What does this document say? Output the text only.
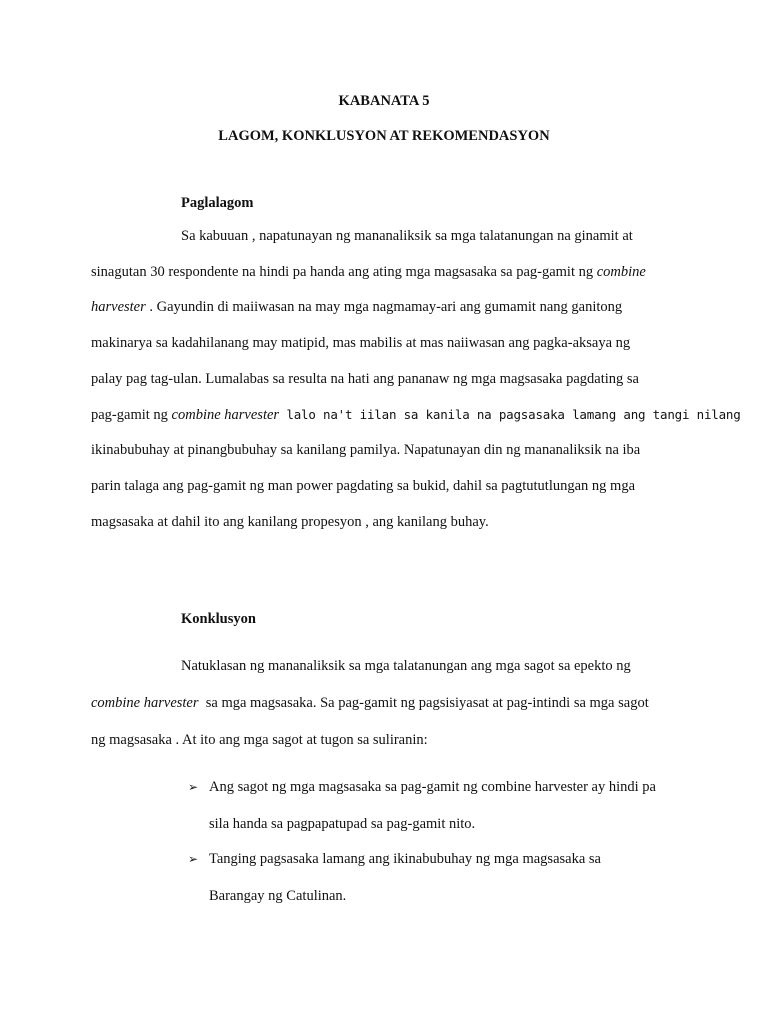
KABANATA 5
LAGOM, KONKLUSYON AT REKOMENDASYON
Paglalagom
Sa kabuuan , napatunayan ng mananaliksik sa mga talatanungan na ginamit at
sinagutan 30 respondente na hindi pa handa ang ating mga magsasaka sa pag-gamit ng combine
harvester . Gayundin di maiiwasan na may mga nagmamay-ari ang gumamit nang ganitong
makinarya sa kadahilanang may matipid, mas mabilis at mas naiiwasan ang pagka-aksaya ng
palay pag tag-ulan. Lumalabas sa resulta na hati ang pananaw ng mga magsasaka pagdating sa
pag-gamit ng combine harvester lalo na't iilan sa kanila na pagsasaka lamang ang tangi nilang
ikinabubuhay at pinangbubuhay sa kanilang pamilya. Napatunayan din ng mananaliksik na iba
parin talaga ang pag-gamit ng man power pagdating sa bukid, dahil sa pagtututlungan ng mga
magsasaka at dahil ito ang kanilang propesyon , ang kanilang buhay.
Konklusyon
Natuklasan ng mananaliksik sa mga talatanungan ang mga sagot sa epekto ng
combine harvester  sa mga magsasaka. Sa pag-gamit ng pagsisiyasat at pag-intindi sa mga sagot
ng magsasaka . At ito ang mga sagot at tugon sa suliranin:
➢ Ang sagot ng mga magsasaka sa pag-gamit ng combine harvester ay hindi pa
sila handa sa pagpapatupad sa pag-gamit nito.
➢ Tanging pagsasaka lamang ang ikinabubuhay ng mga magsasaka sa
Barangay ng Catulinan.
